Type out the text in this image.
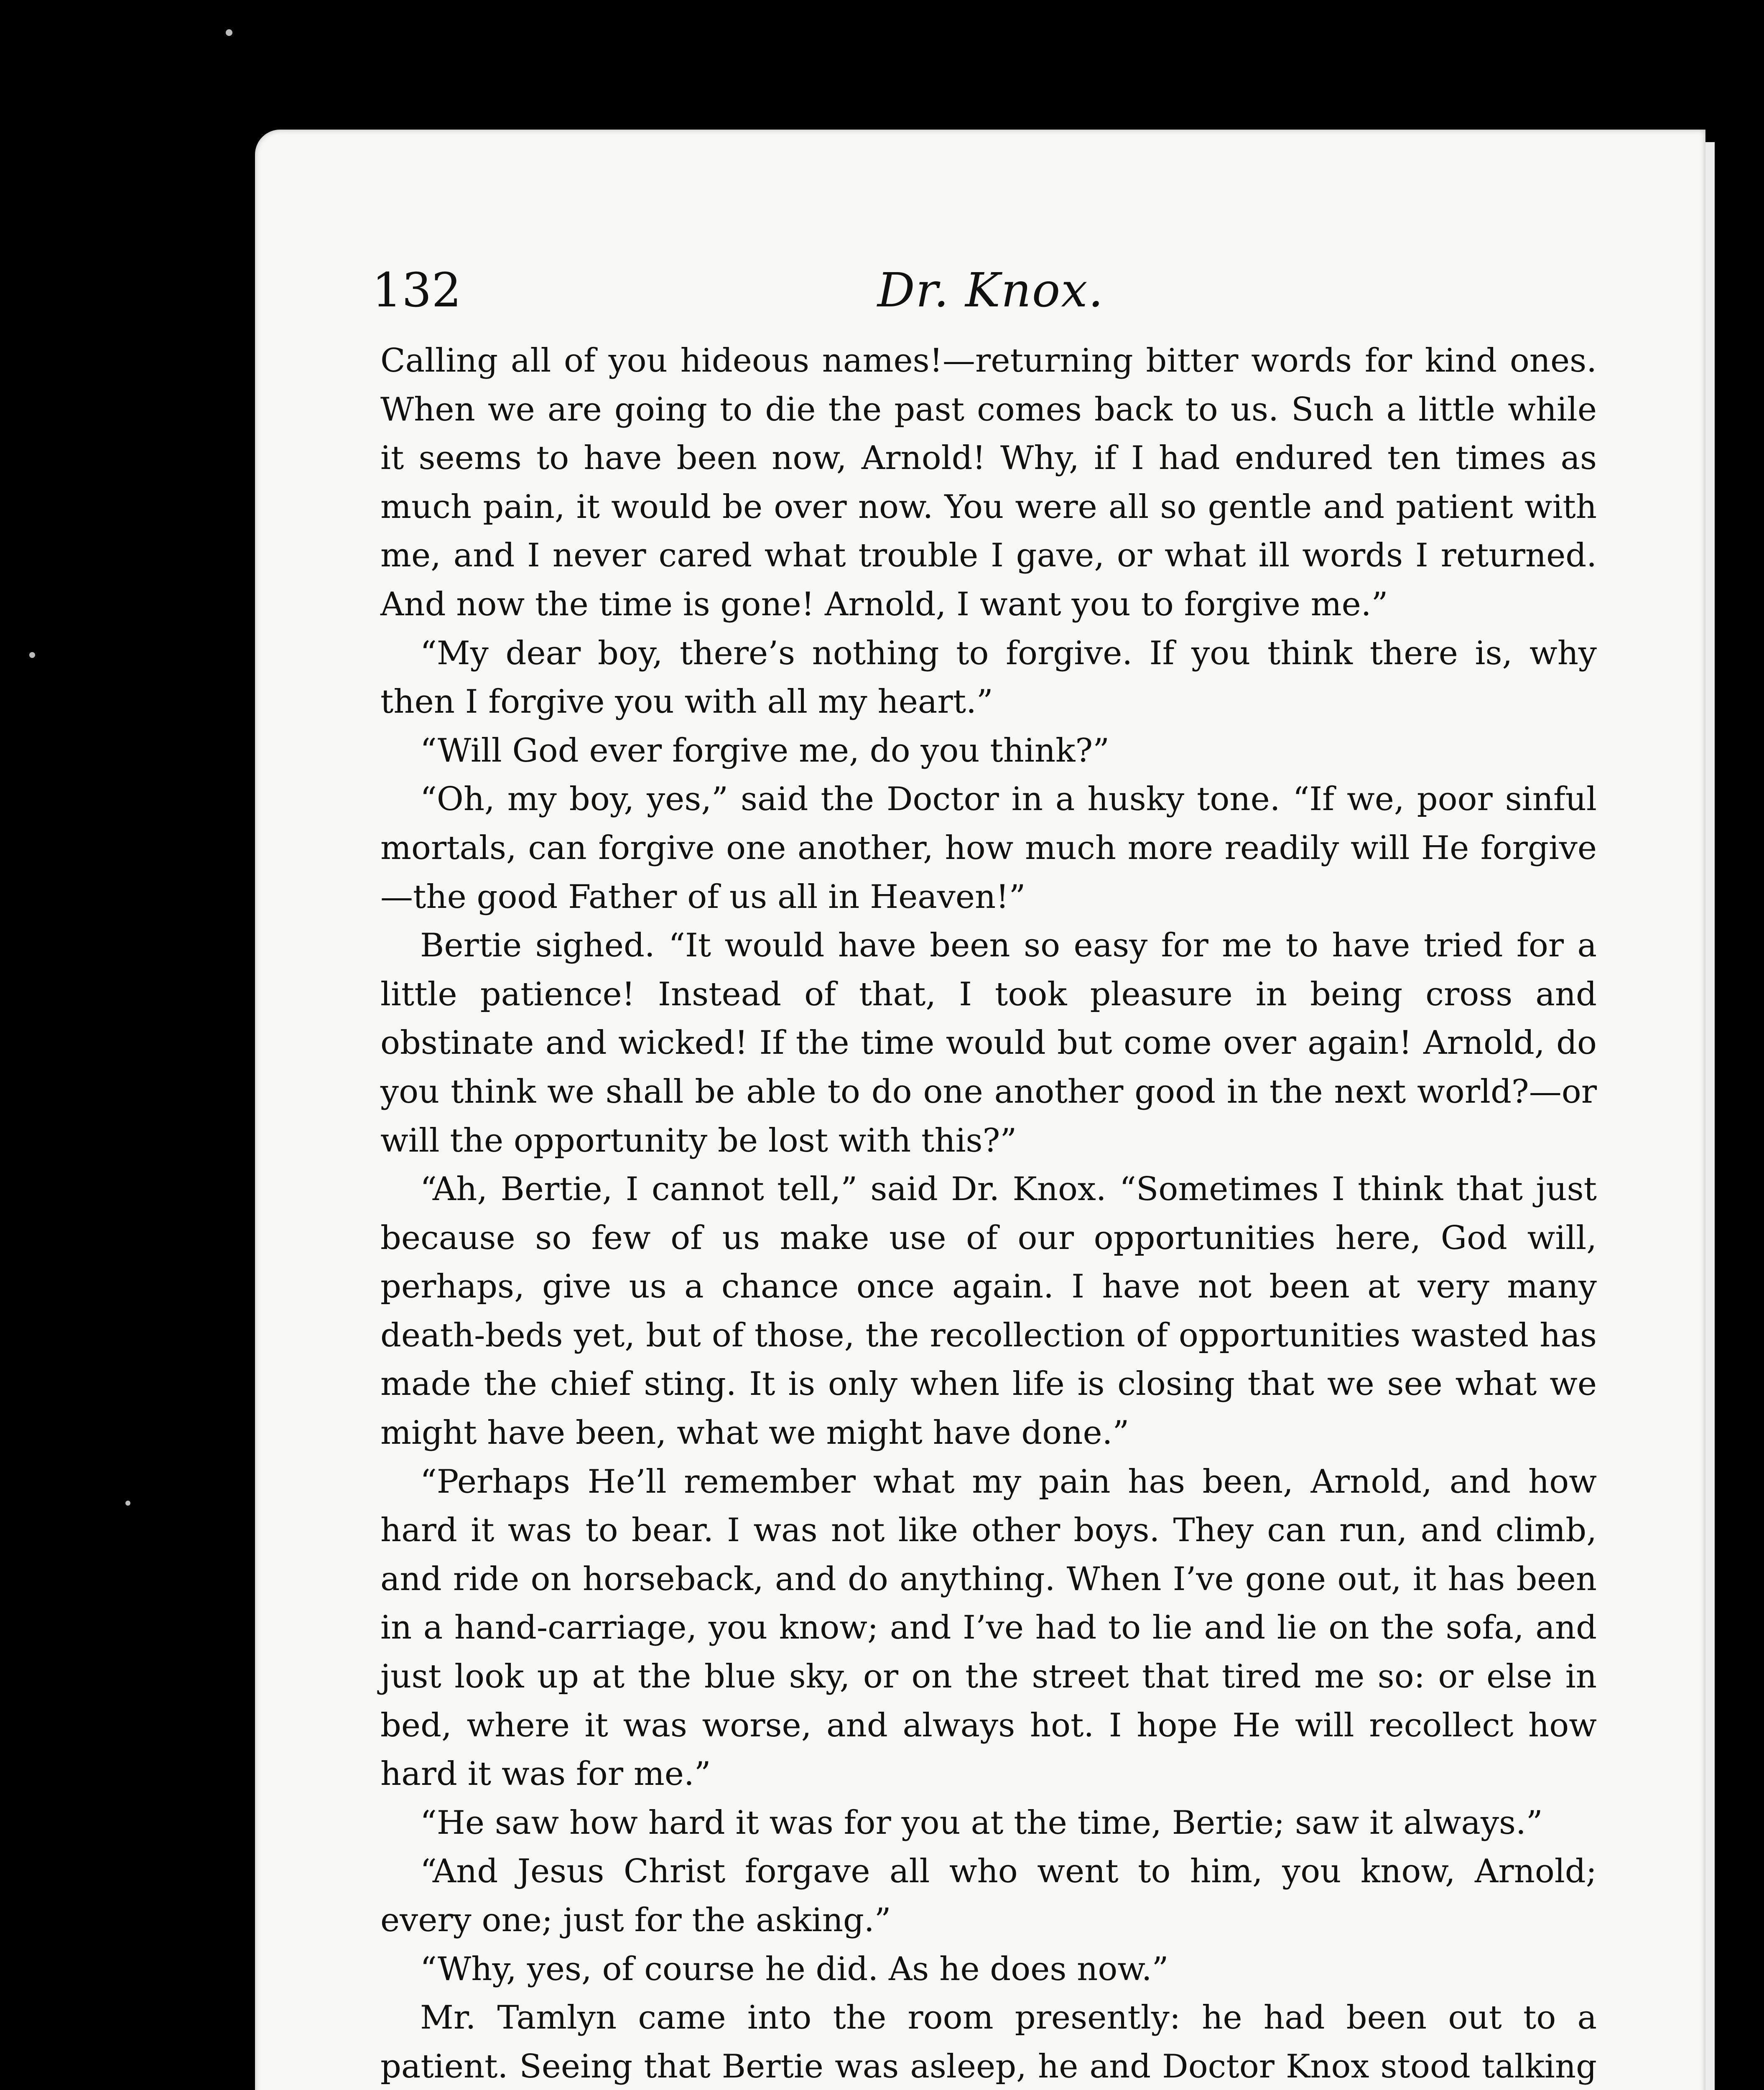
132	Dr. Knox.

Calling all of you hideous names!—returning bitter words for kind ones. When we are going to die the past comes back to us. Such a little while it seems to have been now, Arnold! Why, if I had endured ten times as much pain, it would be over now. You were all so gentle and patient with me, and I never cared what trouble I gave, or what ill words I returned. And now the time is gone! Arnold, I want you to forgive me.”

“My dear boy, there’s nothing to forgive. If you think there is, why then I forgive you with all my heart.”

“Will God ever forgive me, do you think?”

“Oh, my boy, yes,” said the Doctor in a husky tone. “If we, poor sinful mortals, can forgive one another, how much more readily will He forgive—the good Father of us all in Heaven!”

Bertie sighed. “It would have been so easy for me to have tried for a little patience! Instead of that, I took pleasure in being cross and obstinate and wicked! If the time would but come over again! Arnold, do you think we shall be able to do one another good in the next world?—or will the opportunity be lost with this?”

“Ah, Bertie, I cannot tell,” said Dr. Knox. “Sometimes I think that just because so few of us make use of our opportunities here, God will, perhaps, give us a chance once again. I have not been at very many death-beds yet, but of those, the recollection of opportunities wasted has made the chief sting. It is only when life is closing that we see what we might have been, what we might have done.”

“Perhaps He’ll remember what my pain has been, Arnold, and how hard it was to bear. I was not like other boys. They can run, and climb, and ride on horseback, and do anything. When I’ve gone out, it has been in a hand-carriage, you know; and I’ve had to lie and lie on the sofa, and just look up at the blue sky, or on the street that tired me so: or else in bed, where it was worse, and always hot. I hope He will recollect how hard it was for me.”

“He saw how hard it was for you at the time, Bertie; saw it always.”

“And Jesus Christ forgave all who went to him, you know, Arnold; every one; just for the asking.”

“Why, yes, of course he did. As he does now.”

Mr. Tamlyn came into the room presently: he had been out to a patient. Seeing that Bertie was asleep, he and Doctor Knox stood talking
